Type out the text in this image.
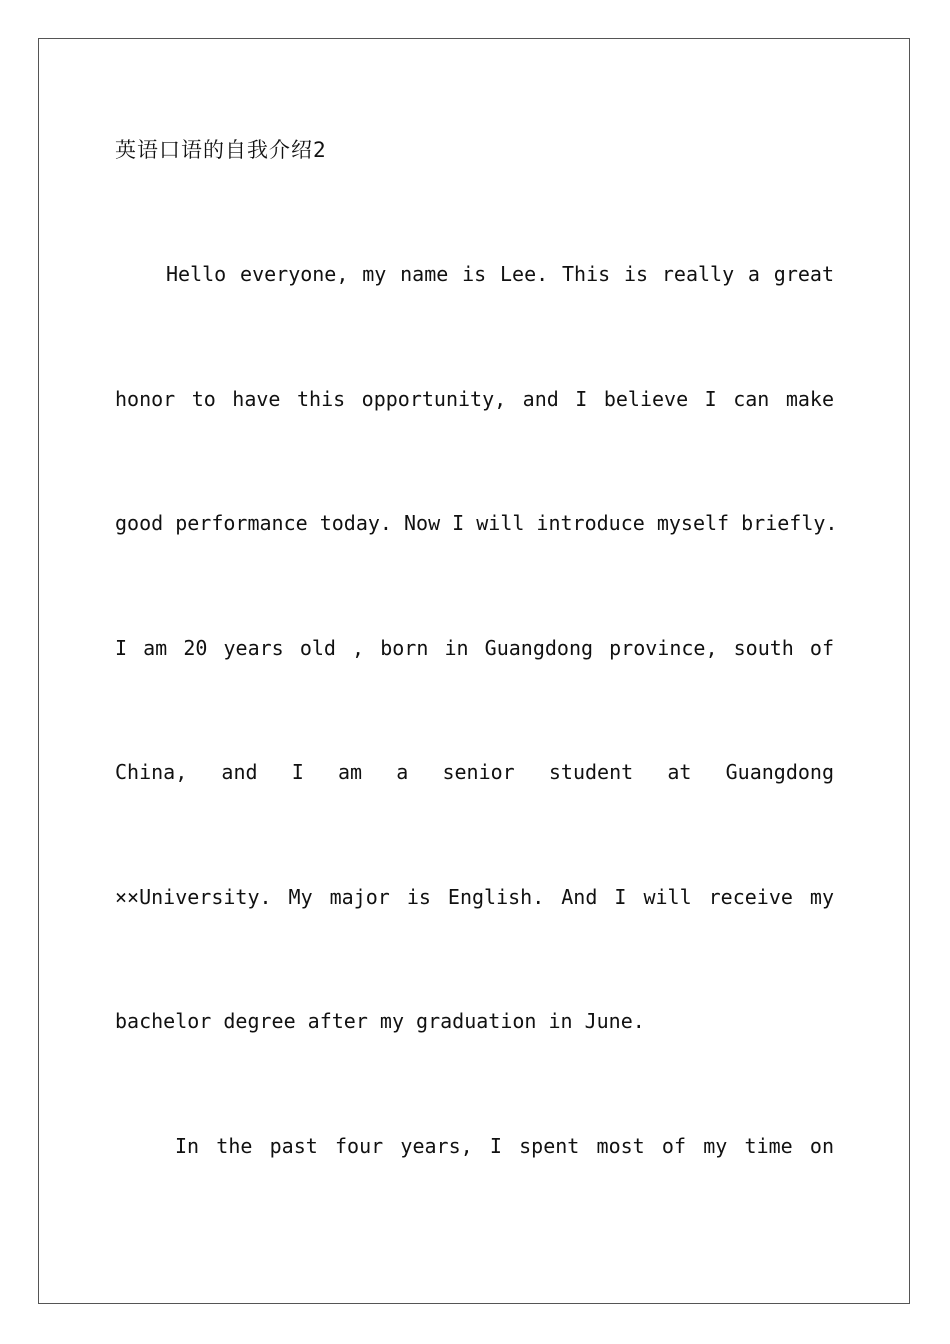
英语口语的自我介绍2
Hello everyone, my name is Lee. This is really a great
honor to have this opportunity, and I believe I can make
good performance today. Now I will introduce myself briefly.
I am 20 years old , born in Guangdong province, south of
China, and I am a senior student at Guangdong
××University. My major is English. And I will receive my
bachelor degree after my graduation in June.
In the past four years, I spent most of my time on
